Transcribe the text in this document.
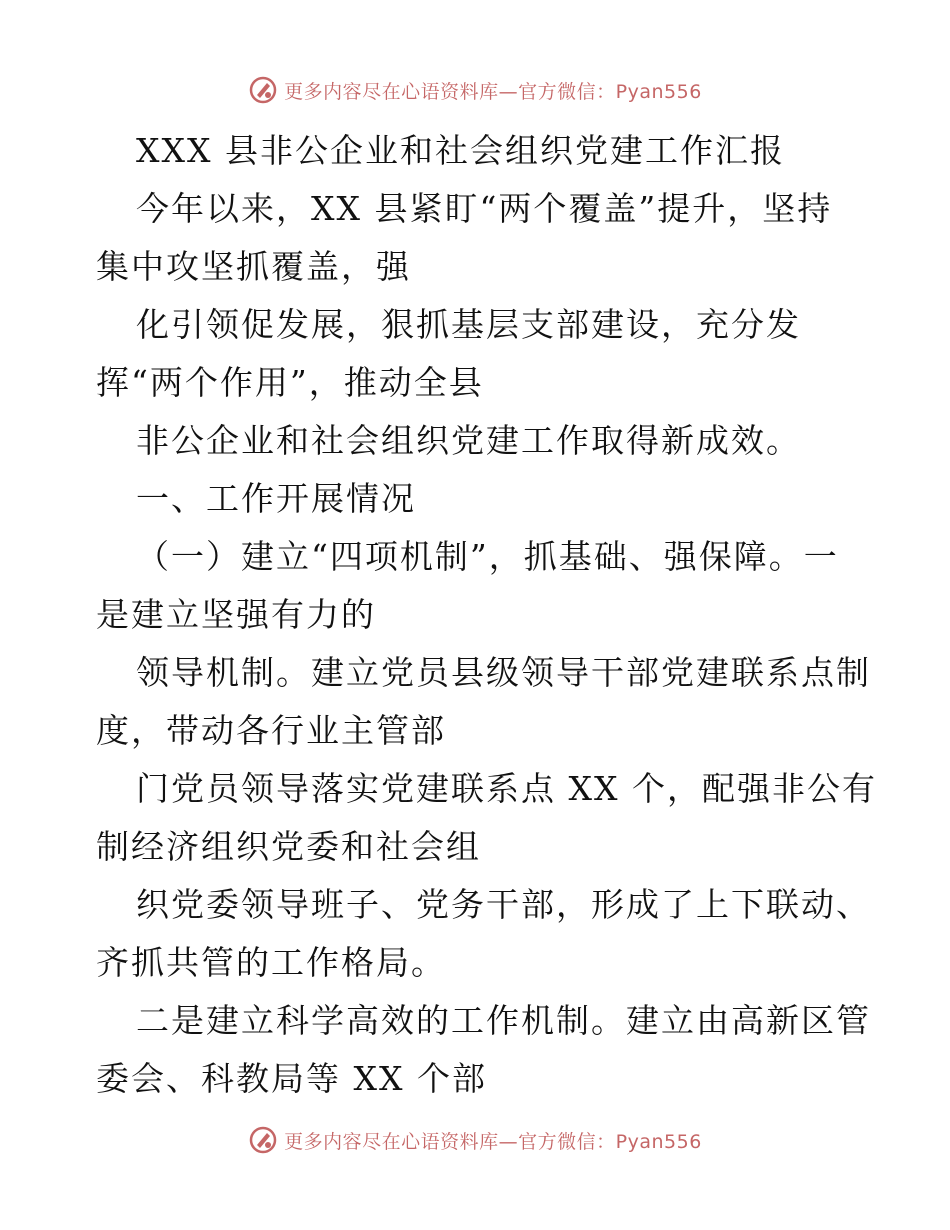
更多内容尽在心语资料库—官方微信：Pyan556
XXX 县非公企业和社会组织党建工作汇报
今年以来，XX 县紧盯“两个覆盖”提升，坚持
集中攻坚抓覆盖，强
化引领促发展，狠抓基层支部建设，充分发
挥“两个作用”，推动全县
非公企业和社会组织党建工作取得新成效。
一、工作开展情况
（一）建立“四项机制”，抓基础、强保障。一
是建立坚强有力的
领导机制。建立党员县级领导干部党建联系点制
度，带动各行业主管部
门党员领导落实党建联系点 XX 个，配强非公有
制经济组织党委和社会组
织党委领导班子、党务干部，形成了上下联动、
齐抓共管的工作格局。
二是建立科学高效的工作机制。建立由高新区管
委会、科教局等 XX 个部
更多内容尽在心语资料库—官方微信：Pyan556
